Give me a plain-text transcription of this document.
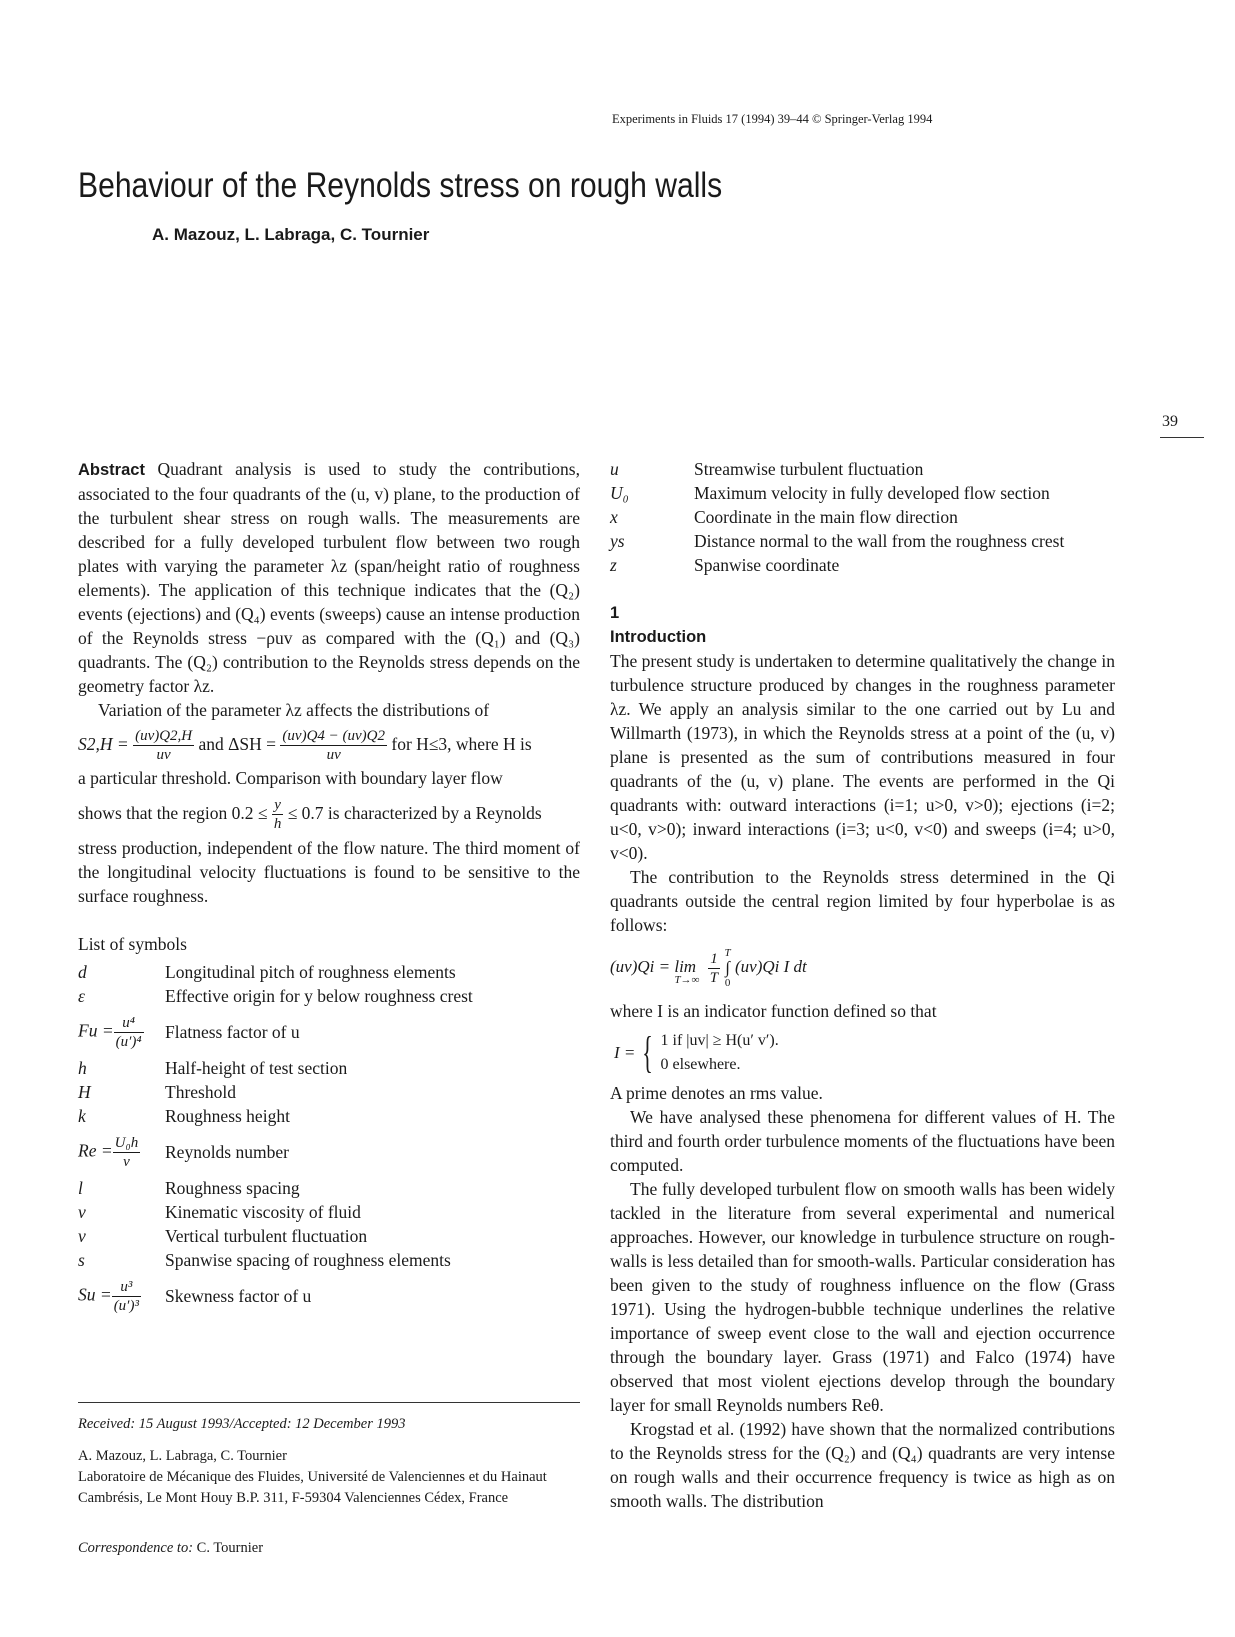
Experiments in Fluids 17 (1994) 39–44 © Springer-Verlag 1994
Behaviour of the Reynolds stress on rough walls
A. Mazouz, L. Labraga, C. Tournier
39

Abstract Quadrant analysis is used to study the contributions, associated to the four quadrants of the (u, v) plane, to the production of the turbulent shear stress on rough walls. The measurements are described for a fully developed turbulent flow between two rough plates with varying the parameter λz (span/height ratio of roughness elements). The application of this technique indicates that the (Q₂) events (ejections) and (Q₄) events (sweeps) cause an intense production of the Reynolds stress −ρuv as compared with the (Q₁) and (Q₃) quadrants. The (Q₂) contribution to the Reynolds stress depends on the geometry factor λz.

Variation of the parameter λz affects the distributions of

$S2,H = \frac{(uv)Q2,H}{uv}$ and $\Delta SH = \frac{(uv)Q4 - (uv)Q2}{uv}$ for H≤3, where H is

a particular threshold. Comparison with boundary layer flow

shows that the region $0.2 \le \frac{y}{h} \le 0.7$ is characterized by a Reynolds

stress production, independent of the flow nature. The third moment of the longitudinal velocity fluctuations is found to be sensitive to the surface roughness.

List of symbols
d	Longitudinal pitch of roughness elements
ε	Effective origin for y below roughness crest
$Fu = \frac{\text{u⁴}}{\text{(u′)⁴}}$	Flatness factor of u
h	Half-height of test section
H	Threshold
k	Roughness height
$Re = \frac{\text{U₀h}}{\nu}$	Reynolds number
l	Roughness spacing
ν	Kinematic viscosity of fluid
v	Vertical turbulent fluctuation
s	Spanwise spacing of roughness elements
$Su = \frac{\text{u³}}{\text{(u′)³}}$	Skewness factor of u
Received: 15 August 1993/Accepted: 12 December 1993
A. Mazouz, L. Labraga, C. Tournier
Laboratoire de Mécanique des Fluides, Université de Valenciennes et du Hainaut Cambrésis, Le Mont Houy B.P. 311, F-59304 Valenciennes Cédex, France
Correspondence to: C. Tournier
u	Streamwise turbulent fluctuation
U₀	Maximum velocity in fully developed flow section
x	Coordinate in the main flow direction
ys	Distance normal to the wall from the roughness crest
z	Spanwise coordinate
1
Introduction

The present study is undertaken to determine qualitatively the change in turbulence structure produced by changes in the roughness parameter λz. We apply an analysis similar to the one carried out by Lu and Willmarth (1973), in which the Reynolds stress at a point of the (u, v) plane is presented as the sum of contributions measured in four quadrants of the (u, v) plane. The events are performed in the Qi quadrants with: outward interactions (i=1; u>0, v>0); ejections (i=2; u<0, v>0); inward interactions (i=3; u<0, v<0) and sweeps (i=4; u>0, v<0).

The contribution to the Reynolds stress determined in the Qi quadrants outside the central region limited by four hyperbolae is as follows:

$(uv)Qi = \lim T\to\infty \frac{1}{T}$
T
∫
0
(uv)Qi I dt

where I is an indicator function defined so that

I = { 1 if |uv| ≥ H(u′ v′).
0 elsewhere.

A prime denotes an rms value.

We have analysed these phenomena for different values of H. The third and fourth order turbulence moments of the fluctuations have been computed.

The fully developed turbulent flow on smooth walls has been widely tackled in the literature from several experimental and numerical approaches. However, our knowledge in turbulence structure on rough-walls is less detailed than for smooth-walls. Particular consideration has been given to the study of roughness influence on the flow (Grass 1971). Using the hydrogen-bubble technique underlines the relative importance of sweep event close to the wall and ejection occurrence through the boundary layer. Grass (1971) and Falco (1974) have observed that most violent ejections develop through the boundary layer for small Reynolds numbers Reθ.

Krogstad et al. (1992) have shown that the normalized contributions to the Reynolds stress for the (Q₂) and (Q₄) quadrants are very intense on rough walls and their occurrence frequency is twice as high as on smooth walls. The distribution
